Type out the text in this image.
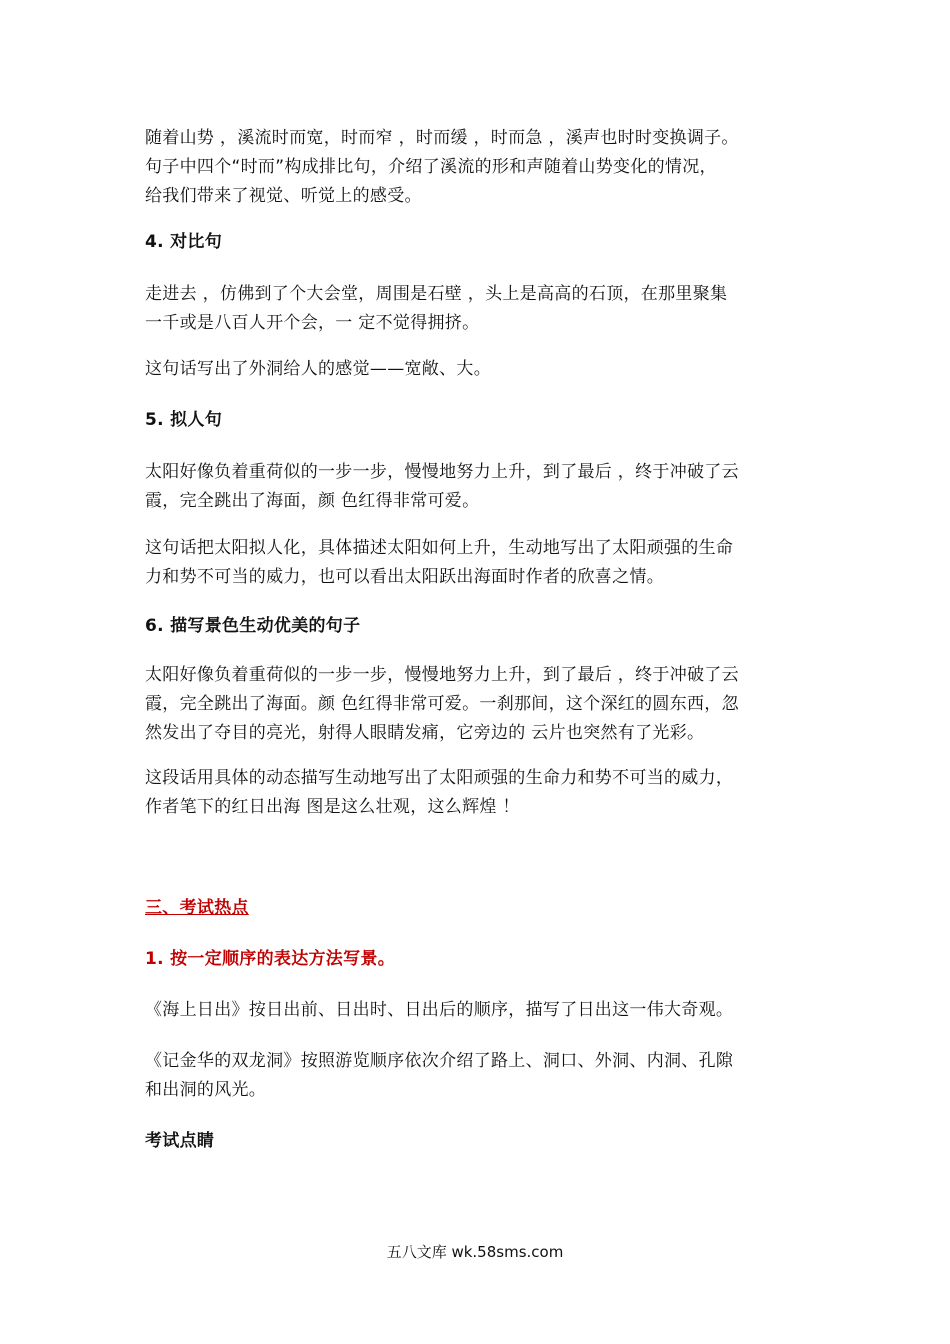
随着山势 ，溪流时而宽，时而窄 ，时而缓 ，时而急 ，溪声也时时变换调子。
句子中四个“时而”构成排比句，介绍了溪流的形和声随着山势变化的情况，
给我们带来了视觉、听觉上的感受。

4. 对比句

走进去 ，仿佛到了个大会堂，周围是石壁 ，头上是高高的石顶，在那里聚集
一千或是八百人开个会，一 定不觉得拥挤。

这句话写出了外洞给人的感觉——宽敞、大。

5. 拟人句

太阳好像负着重荷似的一步一步，慢慢地努力上升，到了最后 ，终于冲破了云
霞，完全跳出了海面，颜 色红得非常可爱。

这句话把太阳拟人化，具体描述太阳如何上升，生动地写出了太阳顽强的生命
力和势不可当的威力，也可以看出太阳跃出海面时作者的欣喜之情。

6. 描写景色生动优美的句子

太阳好像负着重荷似的一步一步，慢慢地努力上升，到了最后 ，终于冲破了云
霞，完全跳出了海面。颜 色红得非常可爱。一刹那间，这个深红的圆东西，忽
然发出了夺目的亮光，射得人眼睛发痛，它旁边的 云片也突然有了光彩。

这段话用具体的动态描写生动地写出了太阳顽强的生命力和势不可当的威力，
作者笔下的红日出海 图是这么壮观，这么辉煌 ！

三、考试热点

1. 按一定顺序的表达方法写景。

《海上日出》按日出前、日出时、日出后的顺序，描写了日出这一伟大奇观。

《记金华的双龙洞》按照游览顺序依次介绍了路上、洞口、外洞、内洞、孔隙
和出洞的风光。

考试点睛

五八文库 wk.58sms.com
